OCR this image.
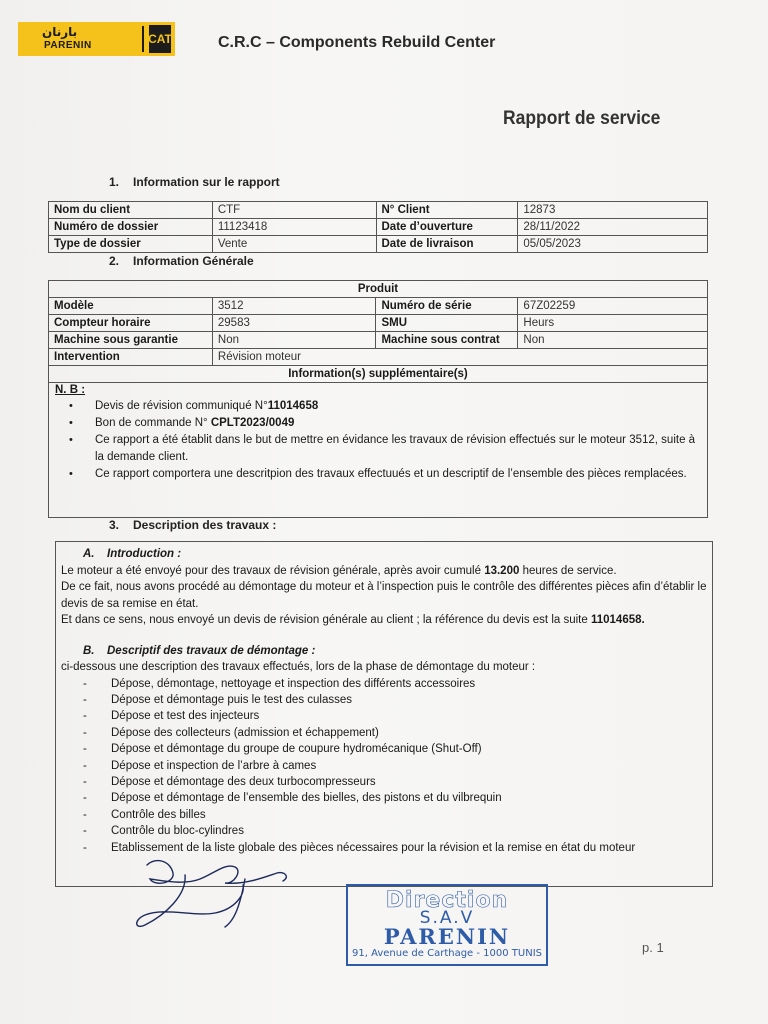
بارنان
PARENIN	CAT	C.R.C – Components Rebuild Center
Rapport de service
1. Information sur le rapport
Nom du client	CTF	N° Client	12873
Numéro de dossier	11123418	Date d’ouverture	28/11/2022
Type de dossier	Vente	Date de livraison	05/05/2023
2. Information Générale
Produit			
Modèle	3512	Numéro de série	67Z02259
Compteur horaire	29583	SMU	Heurs
Machine sous garantie	Non	Machine sous contrat	Non
Intervention	Révision moteur		
Information(s) supplémentaire(s)			
N. B :
• Devis de révision communiqué N°11014658
• Bon de commande N° CPLT2023/0049
• Ce rapport a été établit dans le but de mettre en évidance les travaux de révision effectués sur le moteur 3512, suite à la demande client.
• Ce rapport comportera une descritpion des travaux effectuués et un descriptif de l’ensemble des pièces remplacées.
3. Description des travaux :
A. Introduction :
Le moteur a été envoyé pour des travaux de révision générale, après avoir cumulé 13.200 heures de service.
De ce fait, nous avons procédé au démontage du moteur et à l’inspection puis le contrôle des différentes pièces afin d’établir le devis de sa remise en état.
Et dans ce sens, nous envoyé un devis de révision générale au client ; la référence du devis est la suite 11014658.
B. Descriptif des travaux de démontage :
ci-dessous une description des travaux effectués, lors de la phase de démontage du moteur :
- Dépose, démontage, nettoyage et inspection des différents accessoires
- Dépose et démontage puis le test des culasses
- Dépose et test des injecteurs
- Dépose des collecteurs (admission et échappement)
- Dépose et démontage du groupe de coupure hydromécanique (Shut-Off)
- Dépose et inspection de l’arbre à cames
- Dépose et démontage des deux turbocompresseurs
- Dépose et démontage de l’ensemble des bielles, des pistons et du vilbrequin
- Contrôle des billes
- Contrôle du bloc-cylindres
- Etablissement de la liste globale des pièces nécessaires pour la révision et la remise en état du moteur
Direction
S.A.V
PARENIN
91, Avenue de Carthage - 1000 TUNIS	p. 1
